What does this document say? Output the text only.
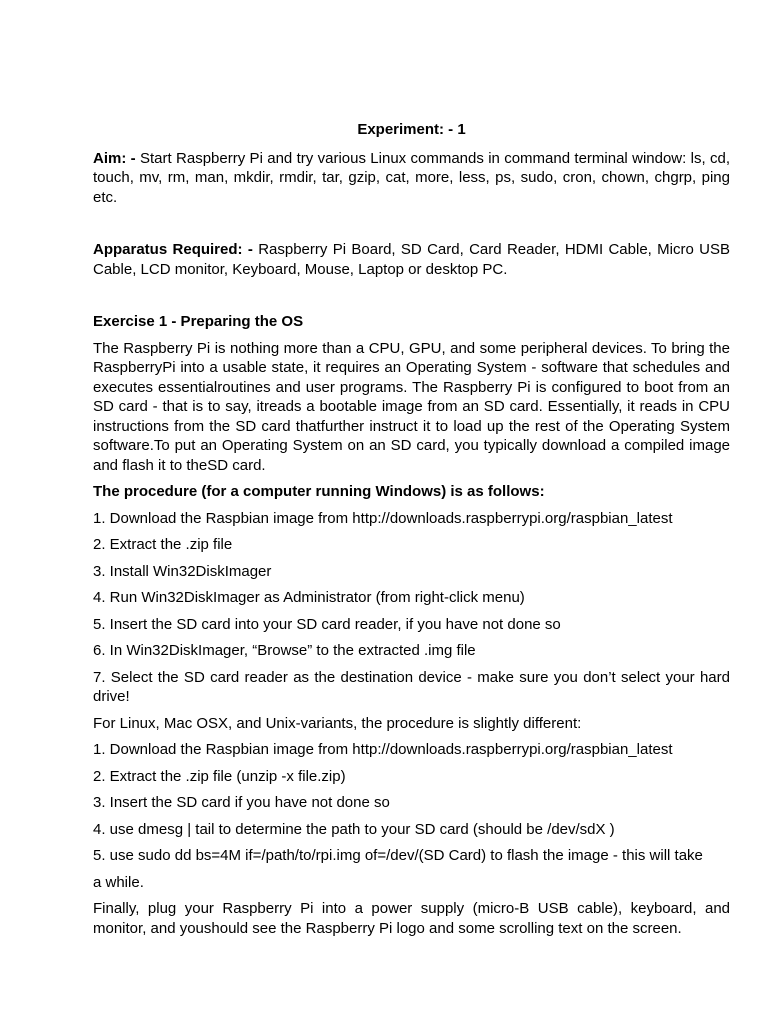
Experiment: - 1

Aim: - Start Raspberry Pi and try various Linux commands in command terminal window: ls, cd, touch, mv, rm, man, mkdir, rmdir, tar, gzip, cat, more, less, ps, sudo, cron, chown, chgrp, ping etc.

Apparatus Required: - Raspberry Pi Board, SD Card, Card Reader, HDMI Cable, Micro USB Cable, LCD monitor, Keyboard, Mouse, Laptop or desktop PC.

Exercise 1 - Preparing the OS

The Raspberry Pi is nothing more than a CPU, GPU, and some peripheral devices. To bring the RaspberryPi into a usable state, it requires an Operating System - software that schedules and executes essentialroutines and user programs. The Raspberry Pi is configured to boot from an SD card - that is to say, itreads a bootable image from an SD card. Essentially, it reads in CPU instructions from the SD card thatfurther instruct it to load up the rest of the Operating System software.To put an Operating System on an SD card, you typically download a compiled image and flash it to theSD card.

The procedure (for a computer running Windows) is as follows:

1. Download the Raspbian image from http://downloads.raspberrypi.org/raspbian_latest

2. Extract the .zip file

3. Install Win32DiskImager

4. Run Win32DiskImager as Administrator (from right-click menu)

5. Insert the SD card into your SD card reader, if you have not done so

6. In Win32DiskImager, “Browse” to the extracted .img file

7. Select the SD card reader as the destination device - make sure you don’t select your hard drive!

For Linux, Mac OSX, and Unix-variants, the procedure is slightly different:

1. Download the Raspbian image from http://downloads.raspberrypi.org/raspbian_latest

2. Extract the .zip file (unzip -x file.zip)

3. Insert the SD card if you have not done so

4. use dmesg | tail to determine the path to your SD card (should be /dev/sdX )

5. use sudo dd bs=4M if=/path/to/rpi.img of=/dev/(SD Card) to flash the image - this will take

a while.

Finally, plug your Raspberry Pi into a power supply (micro-B USB cable), keyboard, and monitor, and youshould see the Raspberry Pi logo and some scrolling text on the screen.
